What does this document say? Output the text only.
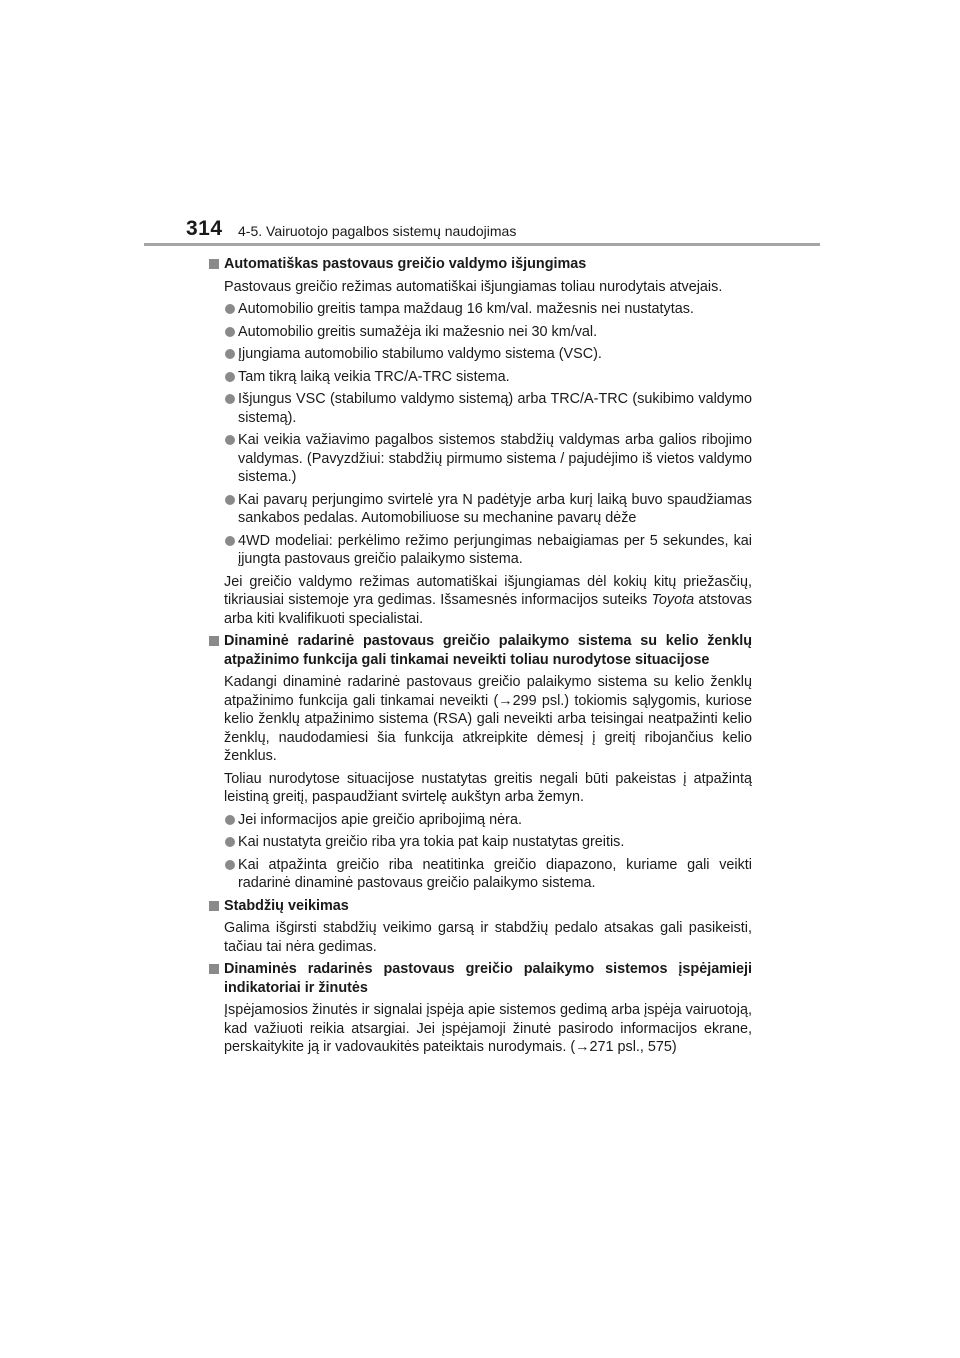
314 4-5. Vairuotojo pagalbos sistemų naudojimas
Automatiškas pastovaus greičio valdymo išjungimas
Pastovaus greičio režimas automatiškai išjungiamas toliau nurodytais atvejais.
Automobilio greitis tampa maždaug 16 km/val. mažesnis nei nustatytas.
Automobilio greitis sumažėja iki mažesnio nei 30 km/val.
Įjungiama automobilio stabilumo valdymo sistema (VSC).
Tam tikrą laiką veikia TRC/A-TRC sistema.
Išjungus VSC (stabilumo valdymo sistemą) arba TRC/A-TRC (sukibimo valdymo sistemą).
Kai veikia važiavimo pagalbos sistemos stabdžių valdymas arba galios ribojimo valdymas. (Pavyzdžiui: stabdžių pirmumo sistema / pajudėjimo iš vietos valdymo sistema.)
Kai pavarų perjungimo svirtelė yra N padėtyje arba kurį laiką buvo spaudžiamas sankabos pedalas. Automobiliuose su mechanine pavarų dėže
4WD modeliai: perkėlimo režimo perjungimas nebaigiamas per 5 sekundes, kai įjungta pastovaus greičio palaikymo sistema.
Jei greičio valdymo režimas automatiškai išjungiamas dėl kokių kitų priežasčių, tikriausiai sistemoje yra gedimas. Išsamesnės informacijos suteiks Toyota atstovas arba kiti kvalifikuoti specialistai.
Dinaminė radarinė pastovaus greičio palaikymo sistema su kelio ženklų atpažinimo funkcija gali tinkamai neveikti toliau nurodytose situacijose
Kadangi dinaminė radarinė pastovaus greičio palaikymo sistema su kelio ženklų atpažinimo funkcija gali tinkamai neveikti (→299 psl.) tokiomis sąlygomis, kuriose kelio ženklų atpažinimo sistema (RSA) gali neveikti arba teisingai neatpažinti kelio ženklų, naudodamiesi šia funkcija atkreipkite dėmesį į greitį ribojančius kelio ženklus.
Toliau nurodytose situacijose nustatytas greitis negali būti pakeistas į atpažintą leistiną greitį, paspaudžiant svirtelę aukštyn arba žemyn.
Jei informacijos apie greičio apribojimą nėra.
Kai nustatyta greičio riba yra tokia pat kaip nustatytas greitis.
Kai atpažinta greičio riba neatitinka greičio diapazono, kuriame gali veikti radarinė dinaminė pastovaus greičio palaikymo sistema.
Stabdžių veikimas
Galima išgirsti stabdžių veikimo garsą ir stabdžių pedalo atsakas gali pasikeisti, tačiau tai nėra gedimas.
Dinaminės radarinės pastovaus greičio palaikymo sistemos įspėjamieji indikatoriai ir žinutės
Įspėjamosios žinutės ir signalai įspėja apie sistemos gedimą arba įspėja vairuotoją, kad važiuoti reikia atsargiai. Jei įspėjamoji žinutė pasirodo informacijos ekrane, perskaitykite ją ir vadovaukitės pateiktais nurodymais. (→271 psl., 575)
